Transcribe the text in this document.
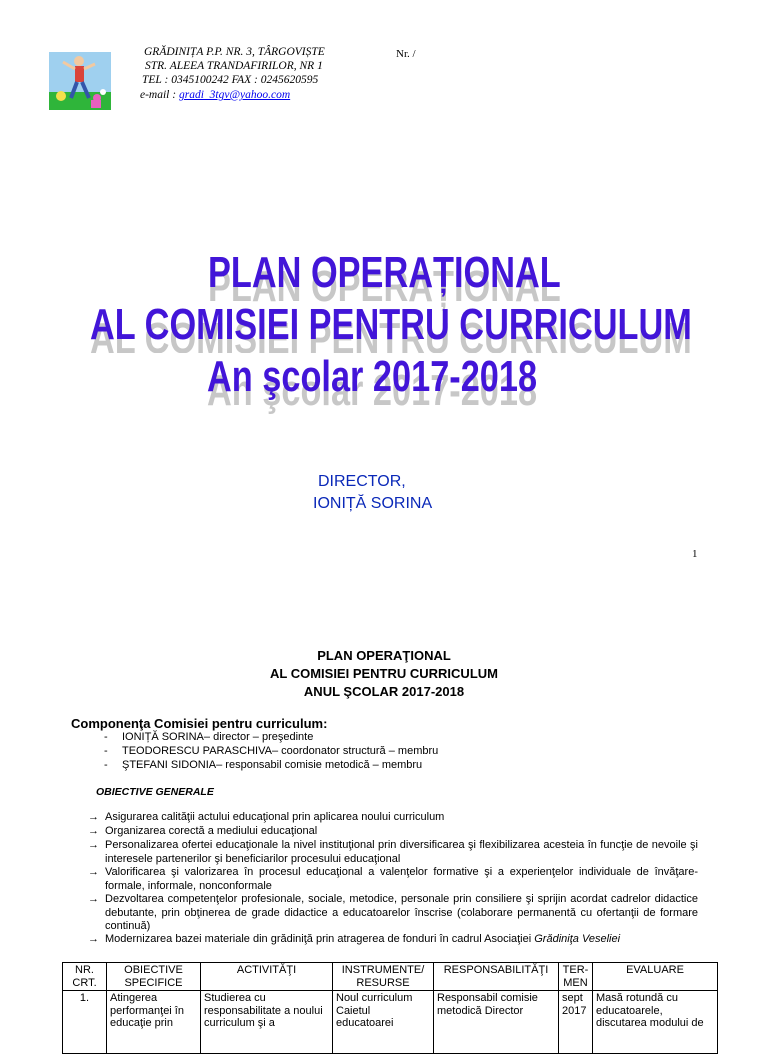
GRĂDINIȚA P.P. NR. 3, TÂRGOVIȘTE
STR. ALEEA TRANDAFIRILOR, NR 1
TEL : 0345100242 FAX : 0245620595
e-mail : gradi_3tgv@yahoo.com
Nr. /
PLAN OPERAȚIONAL
AL COMISIEI PENTRU CURRICULUM
An şcolar 2017-2018
DIRECTOR,
IONIȚĂ SORINA
1
PLAN OPERAŢIONAL
AL COMISIEI PENTRU CURRICULUM
ANUL ŞCOLAR 2017-2018
Componenţa Comisiei pentru curriculum:
- IONIȚĂ SORINA– director – preşedinte
- TEODORESCU PARASCHIVA– coordonator structură – membru
- ŞTEFANI SIDONIA– responsabil comisie metodică – membru
OBIECTIVE GENERALE
→ Asigurarea calităţii actului educaţional prin aplicarea noului curriculum
→ Organizarea corectă a mediului educaţional
→ Personalizarea ofertei educaţionale la nivel instituţional prin diversificarea şi flexibilizarea acesteia în funcţie de nevoile şi interesele partenerilor şi beneficiarilor procesului educaţional
→ Valorificarea şi valorizarea în procesul educaţional a valenţelor formative şi a experienţelor individuale de învăţare- formale, informale, nonconformale
→ Dezvoltarea competenţelor profesionale, sociale, metodice, personale prin consiliere şi sprijin acordat cadrelor didactice debutante, prin obţinerea de grade didactice a educatoarelor înscrise (colaborare permanentă cu ofertanţii de formare continuă)
→ Modernizarea bazei materiale din grădiniţă prin atragerea de fonduri în cadrul Asociaţiei Grădiniţa Veseliei
NR. CRT.	OBIECTIVE SPECIFICE	ACTIVITĂŢI	INSTRUMENTE/ RESURSE	RESPONSABILITĂŢI	TER-MEN	EVALUARE
1.	Atingerea performanţei în educaţie prin	Studierea cu responsabilitate a noului curriculum şi a	Noul curriculum Caietul educatoarei	Responsabil comisie metodică Director	sept 2017	Masă rotundă cu educatoarele, discutarea modului de
